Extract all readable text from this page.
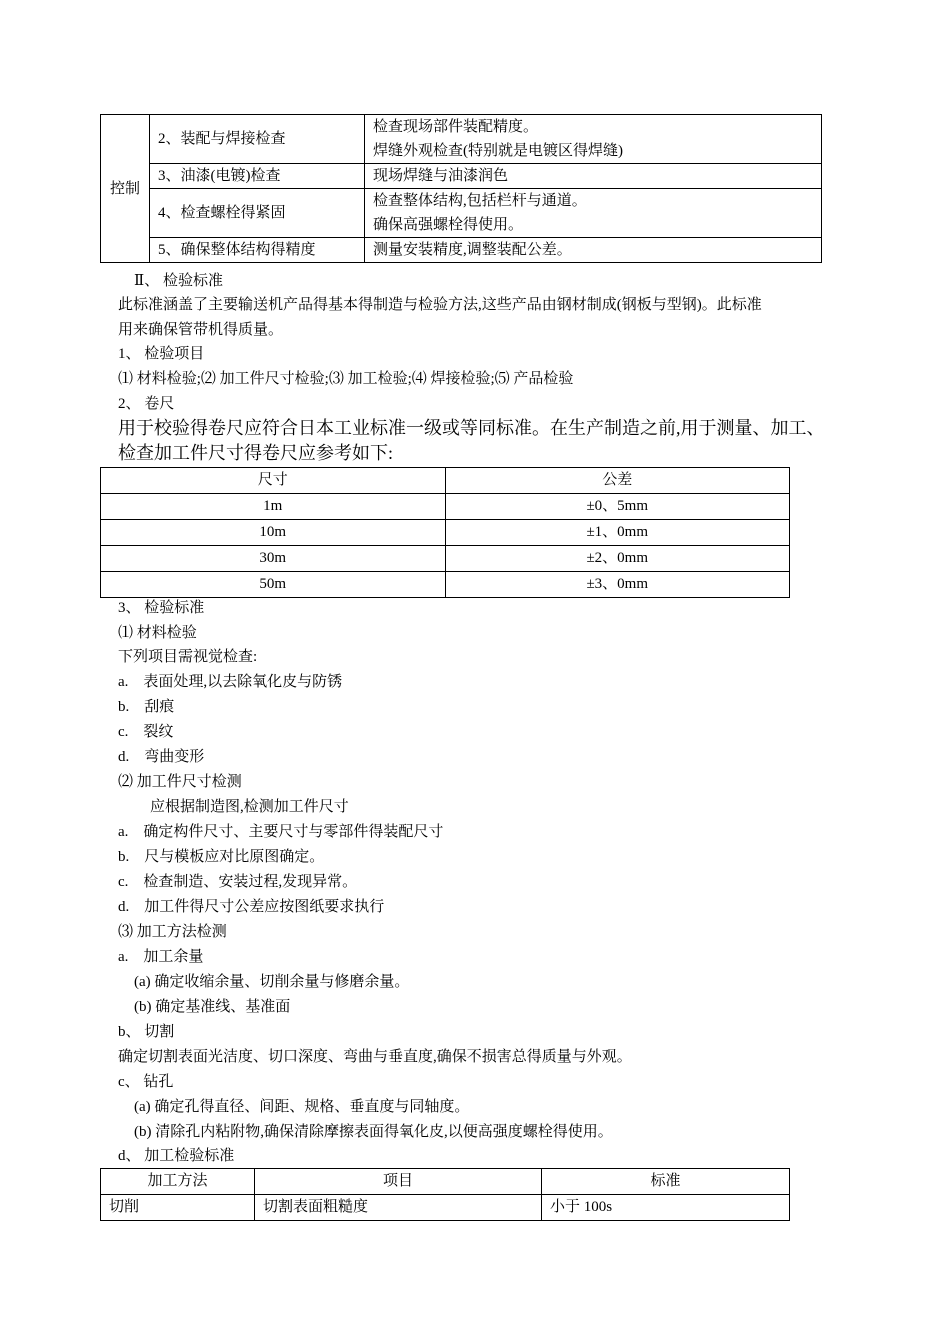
控制	2、装配与焊接检查	检查现场部件装配精度。
焊缝外观检查(特别就是电镀区得焊缝)

	3、油漆(电镀)检查	现场焊缝与油漆润色
	4、检查螺栓得紧固	检查整体结构,包括栏杆与通道。
确保高强螺栓得使用。

	5、确保整体结构得精度	测量安装精度,调整装配公差。
Ⅱ、 检验标准
此标准涵盖了主要输送机产品得基本得制造与检验方法,这些产品由钢材制成(钢板与型钢)。此标准
用来确保管带机得质量。
1、 检验项目
⑴ 材料检验;⑵ 加工件尺寸检验;⑶ 加工检验;⑷ 焊接检验;⑸ 产品检验
2、 卷尺
用于校验得卷尺应符合日本工业标准一级或等同标准。在生产制造之前,用于测量、加工、
检查加工件尺寸得卷尺应参考如下:
尺寸	公差
1m	±0、5mm
10m	±1、0mm
30m	±2、0mm
50m	±3、0mm
3、 检验标准
⑴ 材料检验
下列项目需视觉检查:
a.　表面处理,以去除氧化皮与防锈
b.　刮痕
c.　裂纹
d.　弯曲变形
⑵ 加工件尺寸检测
应根据制造图,检测加工件尺寸
a.　确定构件尺寸、主要尺寸与零部件得装配尺寸
b.　尺与模板应对比原图确定。
c.　检查制造、安装过程,发现异常。
d.　加工件得尺寸公差应按图纸要求执行
⑶ 加工方法检测
a.　加工余量
(a) 确定收缩余量、切削余量与修磨余量。
(b) 确定基准线、基准面
b、 切割
确定切割表面光洁度、切口深度、弯曲与垂直度,确保不损害总得质量与外观。
c、 钻孔
(a) 确定孔得直径、间距、规格、垂直度与同轴度。
(b) 清除孔内粘附物,确保清除摩擦表面得氧化皮,以便高强度螺栓得使用。
d、 加工检验标准
加工方法	项目	标准
切削	切割表面粗糙度	小于 100s
